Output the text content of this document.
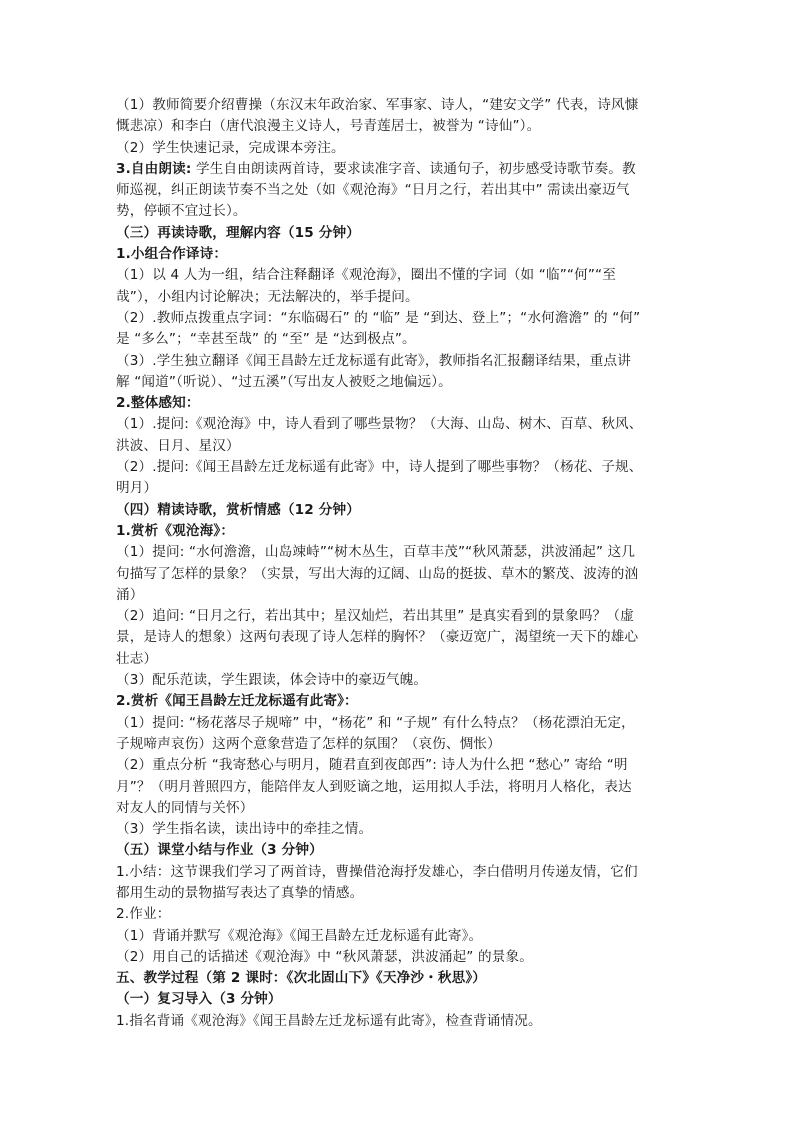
（1）教师简要介绍曹操（东汉末年政治家、军事家、诗人，“建安文学” 代表，诗风慷
慨悲凉）和李白（唐代浪漫主义诗人，号青莲居士，被誉为 “诗仙”）。
（2）学生快速记录，完成课本旁注。
3.自由朗读: 学生自由朗读两首诗，要求读准字音、读通句子，初步感受诗歌节奏。教
师巡视，纠正朗读节奏不当之处（如《观沧海》“日月之行，若出其中” 需读出豪迈气
势，停顿不宜过长）。
（三）再读诗歌，理解内容（15 分钟）
1.小组合作译诗：
（1）以 4 人为一组，结合注释翻译《观沧海》，圈出不懂的字词（如 “临”“何”“至
哉”），小组内讨论解决；无法解决的，举手提问。
（2）.教师点拨重点字词：“东临碣石” 的 “临” 是 “到达、登上”；“水何澹澹” 的 “何”
是 “多么”；“幸甚至哉” 的 “至” 是 “达到极点”。
（3）.学生独立翻译《闻王昌龄左迁龙标遥有此寄》，教师指名汇报翻译结果，重点讲
解 “闻道”（听说）、“过五溪”（写出友人被贬之地偏远）。
2.整体感知：
（1）.提问:《观沧海》中，诗人看到了哪些景物？（大海、山岛、树木、百草、秋风、
洪波、日月、星汉）
（2）.提问:《闻王昌龄左迁龙标遥有此寄》中，诗人提到了哪些事物？（杨花、子规、
明月）
（四）精读诗歌，赏析情感（12 分钟）
1.赏析《观沧海》：
（1）提问: “水何澹澹，山岛竦峙”“树木丛生，百草丰茂”“秋风萧瑟，洪波涌起” 这几
句描写了怎样的景象？（实景，写出大海的辽阔、山岛的挺拔、草木的繁茂、波涛的汹
涌）
（2）追问: “日月之行，若出其中；星汉灿烂，若出其里” 是真实看到的景象吗？（虚
景，是诗人的想象）这两句表现了诗人怎样的胸怀？（豪迈宽广，渴望统一天下的雄心
壮志）
（3）配乐范读，学生跟读，体会诗中的豪迈气魄。
2.赏析《闻王昌龄左迁龙标遥有此寄》：
（1）提问: “杨花落尽子规啼” 中，“杨花” 和 “子规” 有什么特点？（杨花漂泊无定，
子规啼声哀伤）这两个意象营造了怎样的氛围？（哀伤、惆怅）
（2）重点分析 “我寄愁心与明月，随君直到夜郎西”: 诗人为什么把 “愁心” 寄给 “明
月”？（明月普照四方，能陪伴友人到贬谪之地，运用拟人手法，将明月人格化，表达
对友人的同情与关怀）
（3）学生指名读，读出诗中的牵挂之情。
（五）课堂小结与作业（3 分钟）
1.小结：这节课我们学习了两首诗，曹操借沧海抒发雄心，李白借明月传递友情，它们
都用生动的景物描写表达了真挚的情感。
2.作业：
（1）背诵并默写《观沧海》《闻王昌龄左迁龙标遥有此寄》。
（2）用自己的话描述《观沧海》中 “秋风萧瑟，洪波涌起” 的景象。
五、教学过程（第 2 课时：《次北固山下》《天净沙・秋思》）
（一）复习导入（3 分钟）
1.指名背诵《观沧海》《闻王昌龄左迁龙标遥有此寄》，检查背诵情况。
